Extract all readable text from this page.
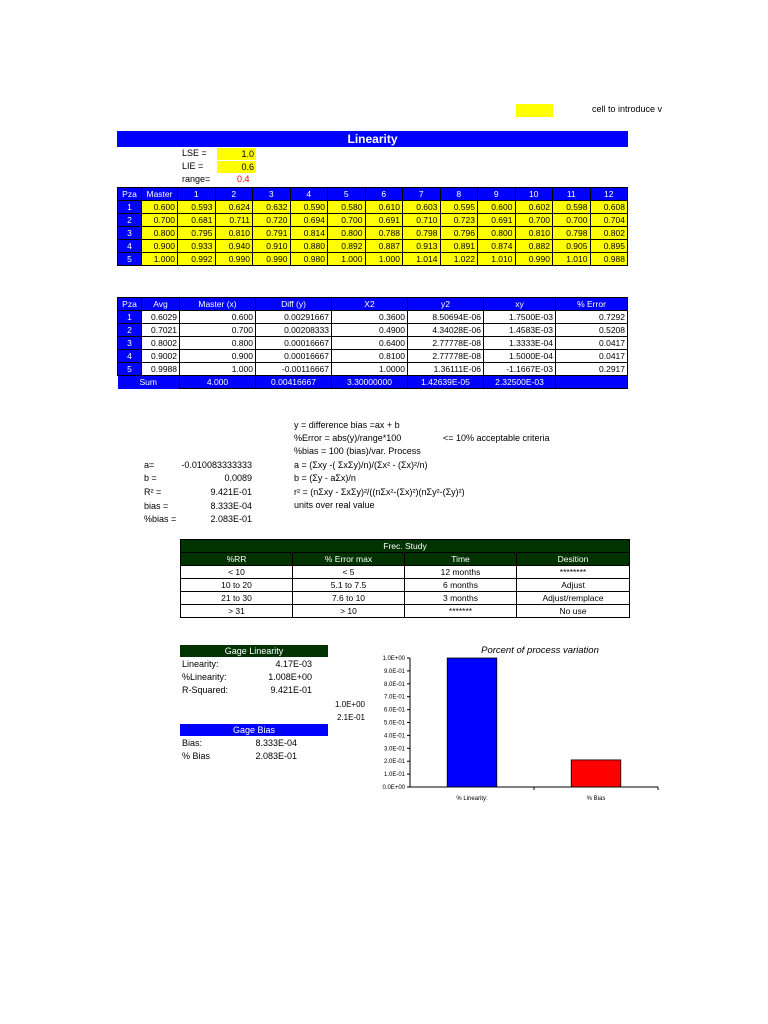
cell to introduce v
Linearity
LSE =	1.0
LIE =	0.6
range=	0.4
Pza	Master	1	2	3	4	5	6	7	8	9	10	11	12
1	0.600	0.593	0.624	0.632	0.590	0.580	0.610	0.603	0.595	0.600	0.602	0.598	0.608
2	0.700	0.681	0.711	0.720	0.694	0.700	0.691	0.710	0.723	0.691	0.700	0.700	0.704
3	0.800	0.795	0.810	0.791	0.814	0.800	0.788	0.798	0.796	0.800	0.810	0.798	0.802
4	0.900	0.933	0.940	0.910	0.880	0.892	0.887	0.913	0.891	0.874	0.882	0.905	0.895
5	1.000	0.992	0.990	0.990	0.980	1.000	1.000	1.014	1.022	1.010	0.990	1.010	0.988
Pza	Avg	Master (x)	Diff (y)	X2	y2	xy	% Error
1	0.6029	0.600	0.00291667	0.3600	8.50694E-06	1.7500E-03	0.7292
2	0.7021	0.700	0.00208333	0.4900	4.34028E-06	1.4583E-03	0.5208
3	0.8002	0.800	0.00016667	0.6400	2.77778E-08	1.3333E-04	0.0417
4	0.9002	0.900	0.00016667	0.8100	2.77778E-08	1.5000E-04	0.0417
5	0.9988	1.000	-0.00116667	1.0000	1.36111E-06	-1.1667E-03	0.2917
Sum		4.000	0.00416667	3.30000000	1.42639E-05	2.32500E-03	
y = difference bias =ax + b
%Error = abs(y)/range*100	<= 10% acceptable criteria
%bias = 100 (bias)/var. Process
a = (Σxy -( ΣxΣy)/n)/(Σx² - (Σx)²/n)
b = (Σy - aΣx)/n
r² = (nΣxy - ΣxΣy)²/((nΣx²-(Σx)²)(nΣy²-(Σy)²)
units over real value
a=	-0.010083333333
b =	0.0089
R² =	9.421E-01
bias =	8.333E-04
%bias =	2.083E-01
Frec. Study			
%RR	% Error max	Time	Desition
< 10	< 5	12 months	********
10 to 20	5.1 to 7.5	6 months	Adjust
21 to 30	7.6 to 10	3 months	Adjust/remplace
> 31	> 10	*******	No use
Gage Linearity
Linearity:	4.17E-03
%Linearity:	1.008E+00
R-Squared:	9.421E-01
1.0E+00
2.1E-01
Gage Bias
Bias:	8.333E-04
% Bias	2.083E-01
Porcent of process variation
0.0E+00
1.0E-01
2.0E-01
3.0E-01
4.0E-01
5.0E-01
6.0E-01
7.0E-01
8.0E-01
9.0E-01
1.0E+00
% Linearity:	% Bias
